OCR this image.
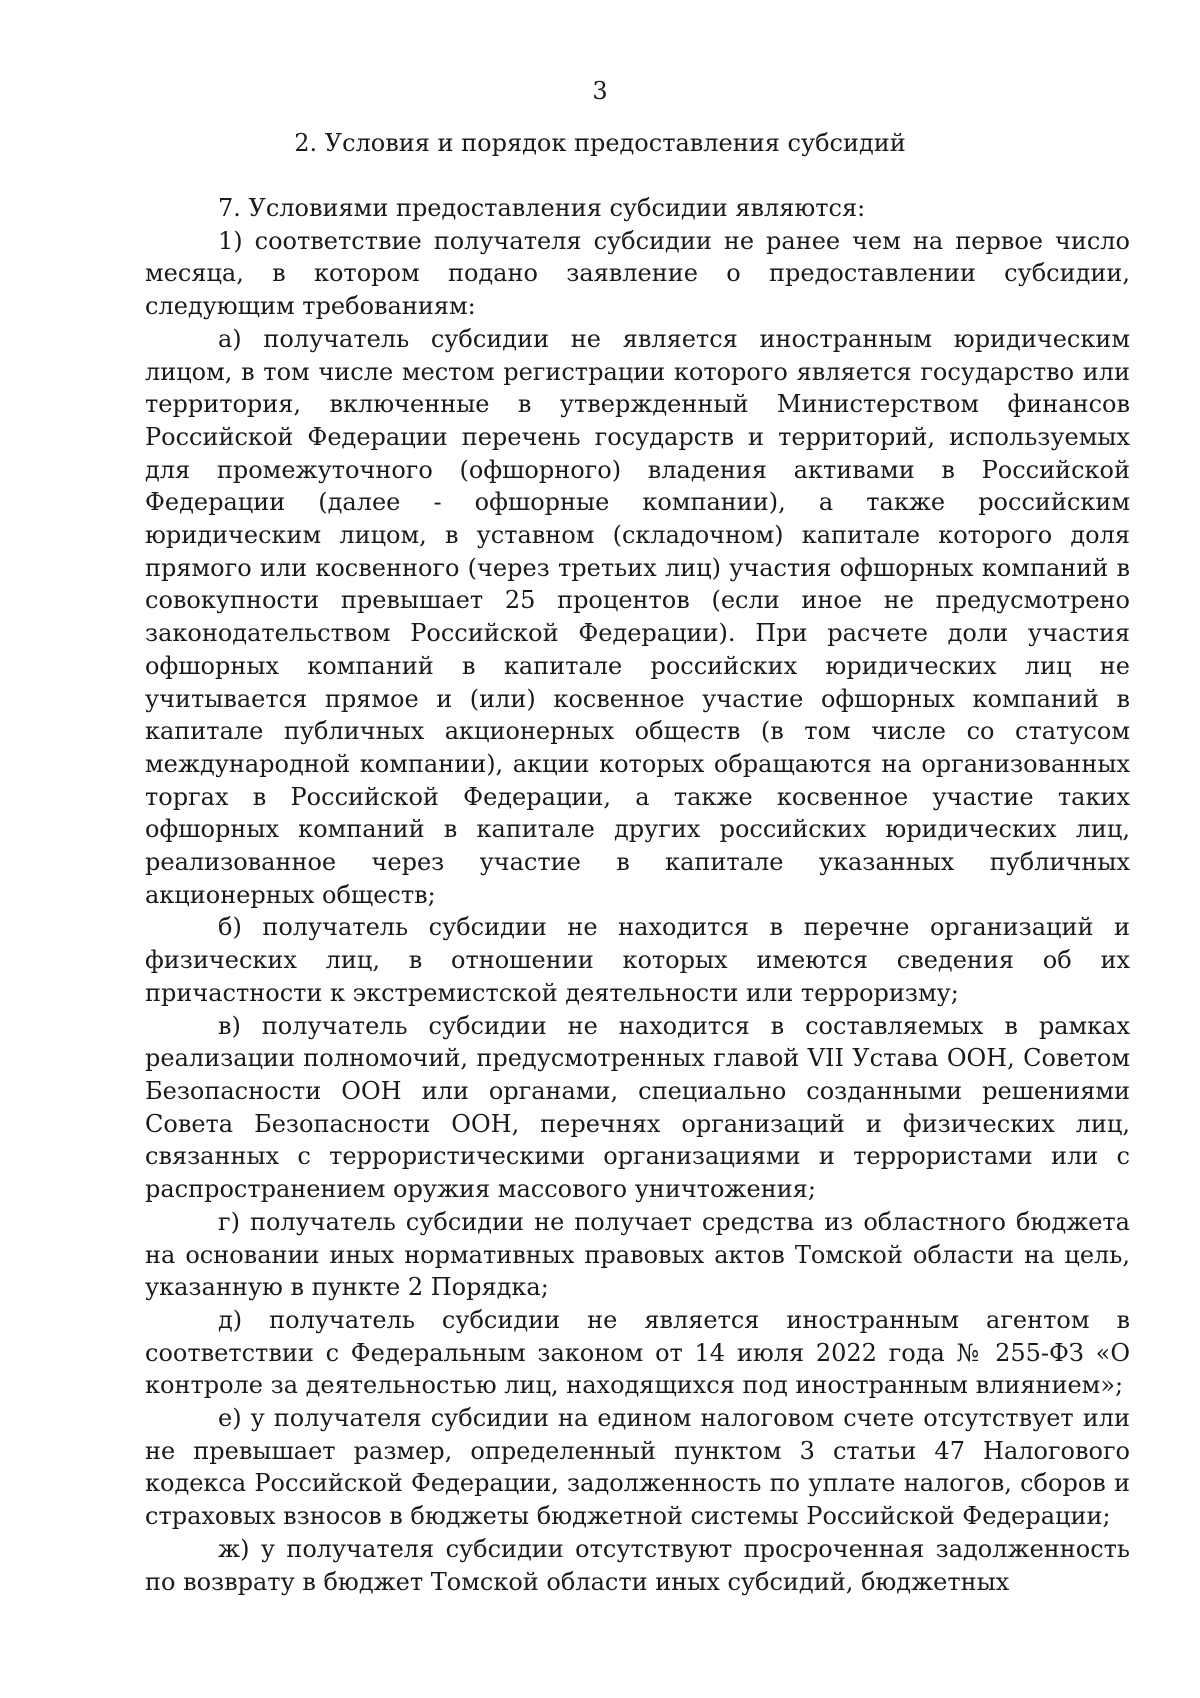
3
2. Условия и порядок предоставления субсидий

7. Условиями предоставления субсидии являются:

1) соответствие получателя субсидии не ранее чем на первое число месяца, в котором подано заявление о предоставлении субсидии, следующим требованиям:

а) получатель субсидии не является иностранным юридическим лицом, в том числе местом регистрации которого является государство или территория, включенные в утвержденный Министерством финансов Российской Федерации перечень государств и территорий, используемых для промежуточного (офшорного) владения активами в Российской Федерации (далее - офшорные компании), а также российским юридическим лицом, в уставном (складочном) капитале которого доля прямого или косвенного (через третьих лиц) участия офшорных компаний в совокупности превышает 25 процентов (если иное не предусмотрено законодательством Российской Федерации). При расчете доли участия офшорных компаний в капитале российских юридических лиц не учитывается прямое и (или) косвенное участие офшорных компаний в капитале публичных акционерных обществ (в том числе со статусом международной компании), акции которых обращаются на организованных торгах в Российской Федерации, а также косвенное участие таких офшорных компаний в капитале других российских юридических лиц, реализованное через участие в капитале указанных публичных акционерных обществ;

б) получатель субсидии не находится в перечне организаций и физических лиц, в отношении которых имеются сведения об их причастности к экстремистской деятельности или терроризму;

в) получатель субсидии не находится в составляемых в рамках реализации полномочий, предусмотренных главой VII Устава ООН, Советом Безопасности ООН или органами, специально созданными решениями Совета Безопасности ООН, перечнях организаций и физических лиц, связанных с террористическими организациями и террористами или с распространением оружия массового уничтожения;

г) получатель субсидии не получает средства из областного бюджета на основании иных нормативных правовых актов Томской области на цель, указанную в пункте 2 Порядка;

д) получатель субсидии не является иностранным агентом в соответствии с Федеральным законом от 14 июля 2022 года № 255-ФЗ «О контроле за деятельностью лиц, находящихся под иностранным влиянием»;

е) у получателя субсидии на едином налоговом счете отсутствует или не превышает размер, определенный пунктом 3 статьи 47 Налогового кодекса Российской Федерации, задолженность по уплате налогов, сборов и страховых взносов в бюджеты бюджетной системы Российской Федерации;

ж) у получателя субсидии отсутствуют просроченная задолженность по возврату в бюджет Томской области иных субсидий, бюджетных
